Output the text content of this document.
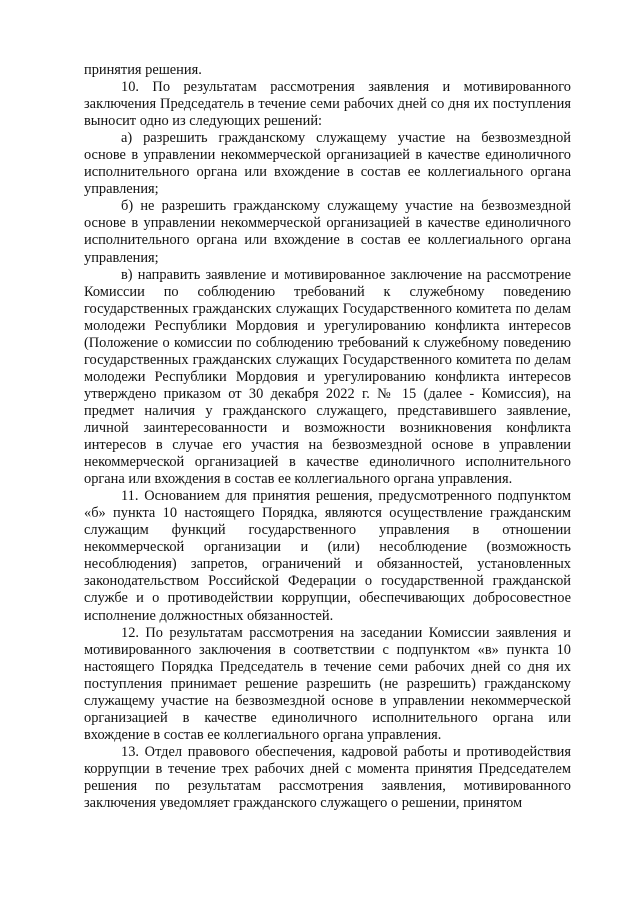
принятия решения.

10. По результатам рассмотрения заявления и мотивированного заключения Председатель в течение семи рабочих дней со дня их поступления выносит одно из следующих решений:

а) разрешить гражданскому служащему участие на безвозмездной основе в управлении некоммерческой организацией в качестве единоличного исполнительного органа или вхождение в состав ее коллегиального органа управления;

б) не разрешить гражданскому служащему участие на безвозмездной основе в управлении некоммерческой организацией в качестве единоличного исполнительного органа или вхождение в состав ее коллегиального органа управления;

в) направить заявление и мотивированное заключение на рассмотрение Комиссии по соблюдению требований к служебному поведению государственных гражданских служащих Государственного комитета по делам молодежи Республики Мордовия и урегулированию конфликта интересов (Положение о комиссии по соблюдению требований к служебному поведению государственных гражданских служащих Государственного комитета по делам молодежи Республики Мордовия и урегулированию конфликта интересов утверждено приказом от 30 декабря 2022 г. № 15 (далее - Комиссия), на предмет наличия у гражданского служащего, представившего заявление, личной заинтересованности и возможности возникновения конфликта интересов в случае его участия на безвозмездной основе в управлении некоммерческой организацией в качестве единоличного исполнительного органа или вхождения в состав ее коллегиального органа управления.

11. Основанием для принятия решения, предусмотренного подпунктом «б» пункта 10 настоящего Порядка, являются осуществление гражданским служащим функций государственного управления в отношении некоммерческой организации и (или) несоблюдение (возможность несоблюдения) запретов, ограничений и обязанностей, установленных законодательством Российской Федерации о государственной гражданской службе и о противодействии коррупции, обеспечивающих добросовестное исполнение должностных обязанностей.

12. По результатам рассмотрения на заседании Комиссии заявления и мотивированного заключения в соответствии с подпунктом «в» пункта 10 настоящего Порядка Председатель в течение семи рабочих дней со дня их поступления принимает решение разрешить (не разрешить) гражданскому служащему участие на безвозмездной основе в управлении некоммерческой организацией в качестве единоличного исполнительного органа или вхождение в состав ее коллегиального органа управления.

13. Отдел правового обеспечения, кадровой работы и противодействия коррупции в течение трех рабочих дней с момента принятия Председателем решения по результатам рассмотрения заявления, мотивированного заключения уведомляет гражданского служащего о решении, принятом
